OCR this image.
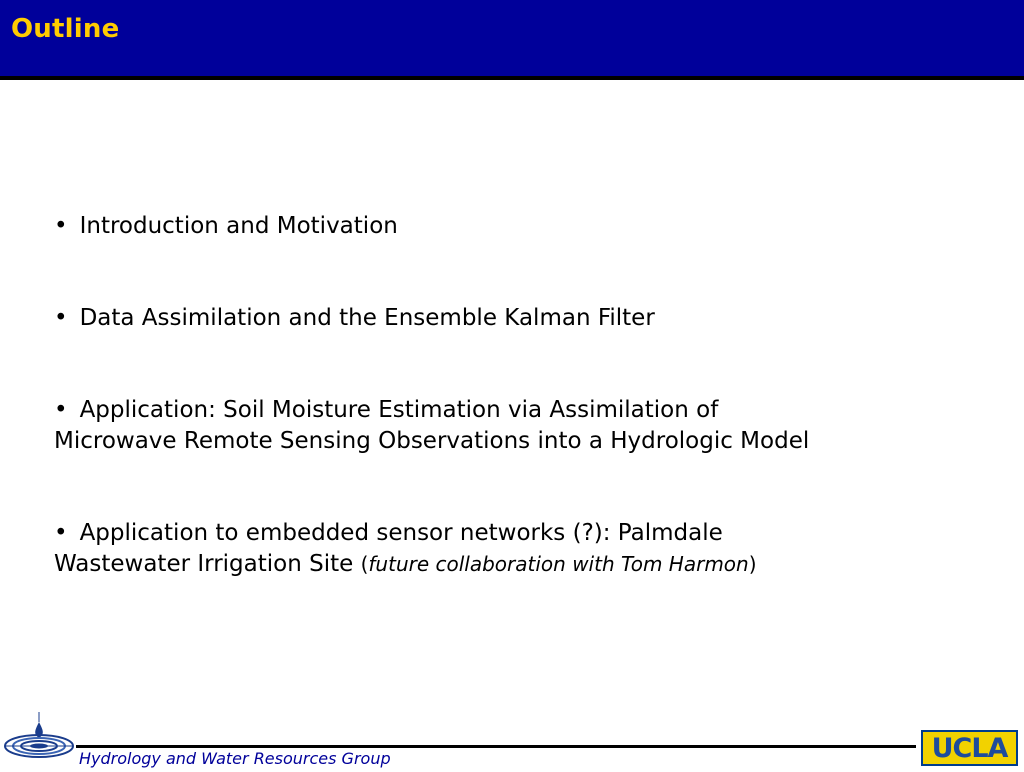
Outline
• Introduction and Motivation
• Data Assimilation and the Ensemble Kalman Filter
• Application: Soil Moisture Estimation via Assimilation of
Microwave Remote Sensing Observations into a Hydrologic Model
• Application to embedded sensor networks (?): Palmdale
Wastewater Irrigation Site (future collaboration with Tom Harmon)
Hydrology and Water Resources Group	UCLA
